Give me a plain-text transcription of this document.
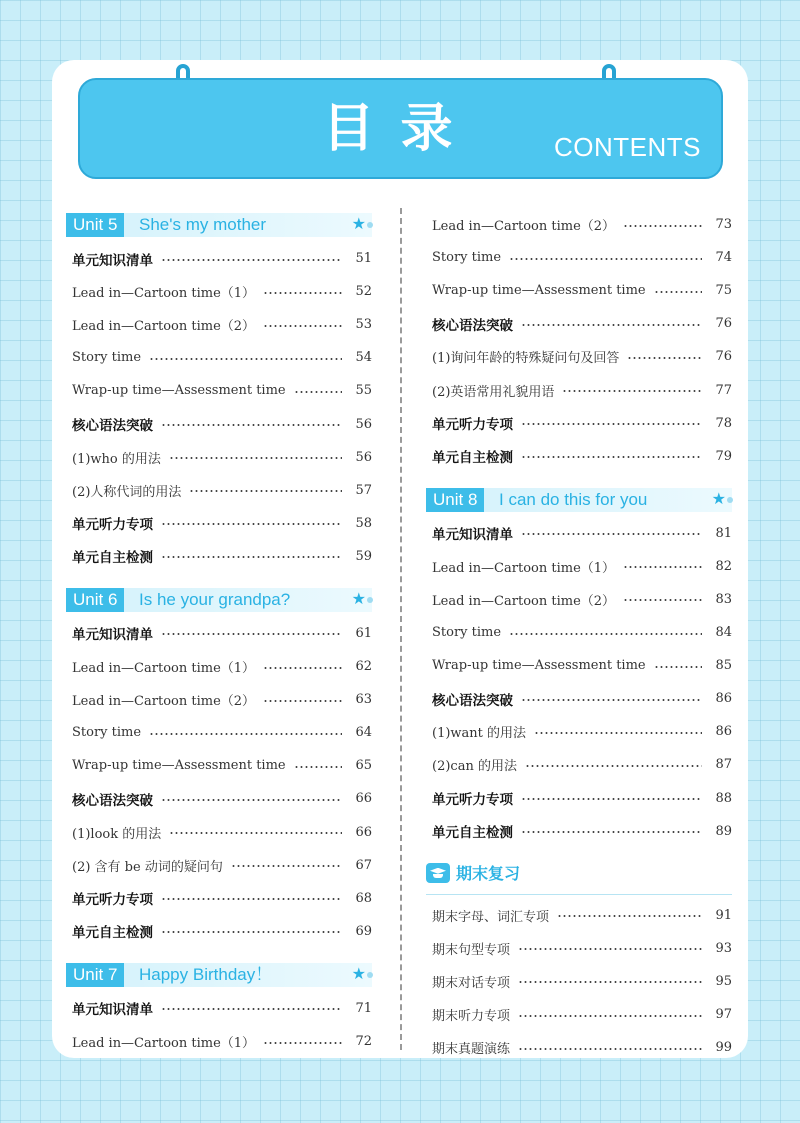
目录	CONTENTS
Unit 5	She's my mother	★
单元知识清单	51
Lead in—Cartoon time（1）	52
Lead in—Cartoon time（2）	53
Story time	54
Wrap-up time—Assessment time	55
核心语法突破	56
(1)who 的用法	56
(2)人称代词的用法	57
单元听力专项	58
单元自主检测	59
Unit 6	Is he your grandpa?	★
单元知识清单	61
Lead in—Cartoon time（1）	62
Lead in—Cartoon time（2）	63
Story time	64
Wrap-up time—Assessment time	65
核心语法突破	66
(1)look 的用法	66
(2) 含有 be 动词的疑问句	67
单元听力专项	68
单元自主检测	69
Unit 7	Happy Birthday！	★
单元知识清单	71
Lead in—Cartoon time（1）	72
Lead in—Cartoon time（2）	73
Story time	74
Wrap-up time—Assessment time	75
核心语法突破	76
(1)询问年龄的特殊疑问句及回答	76
(2)英语常用礼貌用语	77
单元听力专项	78
单元自主检测	79
Unit 8	I can do this for you	★
单元知识清单	81
Lead in—Cartoon time（1）	82
Lead in—Cartoon time（2）	83
Story time	84
Wrap-up time—Assessment time	85
核心语法突破	86
(1)want 的用法	86
(2)can 的用法	87
单元听力专项	88
单元自主检测	89
期末复习
期末字母、词汇专项	91
期末句型专项	93
期末对话专项	95
期末听力专项	97
期末真题演练	99
